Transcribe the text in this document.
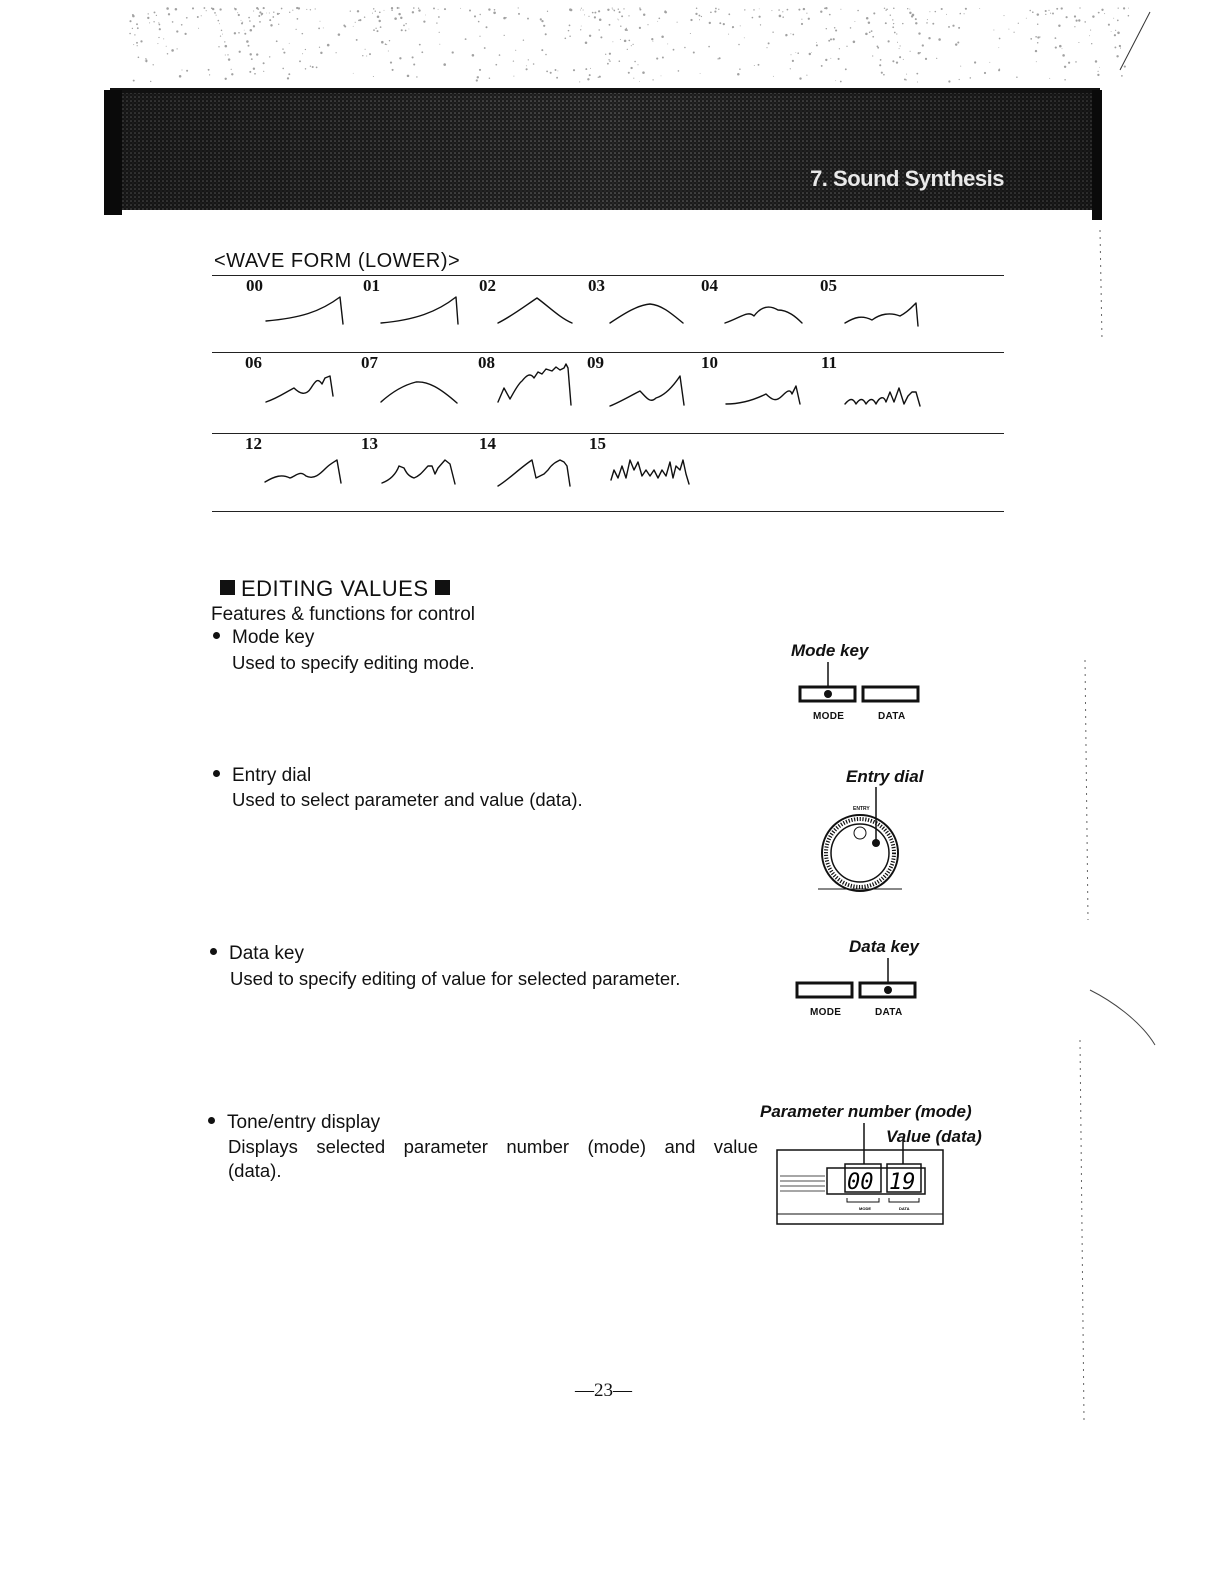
7. Sound Synthesis
<WAVE FORM (LOWER)>
00	01	02	03	04	05
06	07	08	09	10	11
12	13	14	15
EDITING VALUES
Features & functions for control
Mode key
Used to specify editing mode.
Entry dial
Used to select parameter and value (data).
Data key
Used to specify editing of value for selected parameter.
Tone/entry display
Displays selected parameter number (mode) and value
(data).
Mode key
MODE	DATA
Entry dial
ENTRY
Data key
MODE	DATA
Parameter number (mode)
Value (data)
00 19
MODE	DATA
—23—
